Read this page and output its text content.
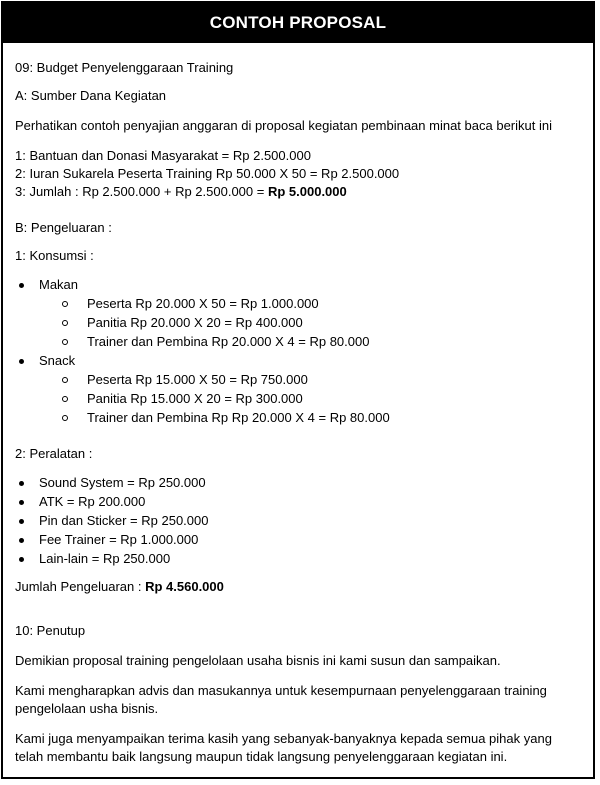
CONTOH PROPOSAL

09: Budget Penyelenggaraan Training

A: Sumber Dana Kegiatan

Perhatikan contoh penyajian anggaran di proposal kegiatan pembinaan minat baca berikut ini

1: Bantuan dan Donasi Masyarakat = Rp 2.500.000

2: Iuran Sukarela Peserta Training Rp 50.000 X 50 = Rp 2.500.000

3: Jumlah : Rp 2.500.000 + Rp 2.500.000 = Rp 5.000.000

B: Pengeluaran :

1: Konsumsi :

Makan
Peserta Rp 20.000 X 50 = Rp 1.000.000
Panitia Rp 20.000 X 20 = Rp 400.000
Trainer dan Pembina Rp 20.000 X 4 = Rp 80.000
Snack
Peserta Rp 15.000 X 50 = Rp 750.000
Panitia Rp 15.000 X 20 = Rp 300.000
Trainer dan Pembina Rp Rp 20.000 X 4 = Rp 80.000

2: Peralatan :

Sound System = Rp 250.000
ATK = Rp 200.000
Pin dan Sticker = Rp 250.000
Fee Trainer = Rp 1.000.000
Lain-lain = Rp 250.000

Jumlah Pengeluaran : Rp 4.560.000

10: Penutup

Demikian proposal training pengelolaan usaha bisnis ini kami susun dan sampaikan.

Kami mengharapkan advis dan masukannya untuk kesempurnaan penyelenggaraan training pengelolaan usha bisnis.

Kami juga menyampaikan terima kasih yang sebanyak-banyaknya kepada semua pihak yang telah membantu baik langsung maupun tidak langsung penyelenggaraan kegiatan ini.
